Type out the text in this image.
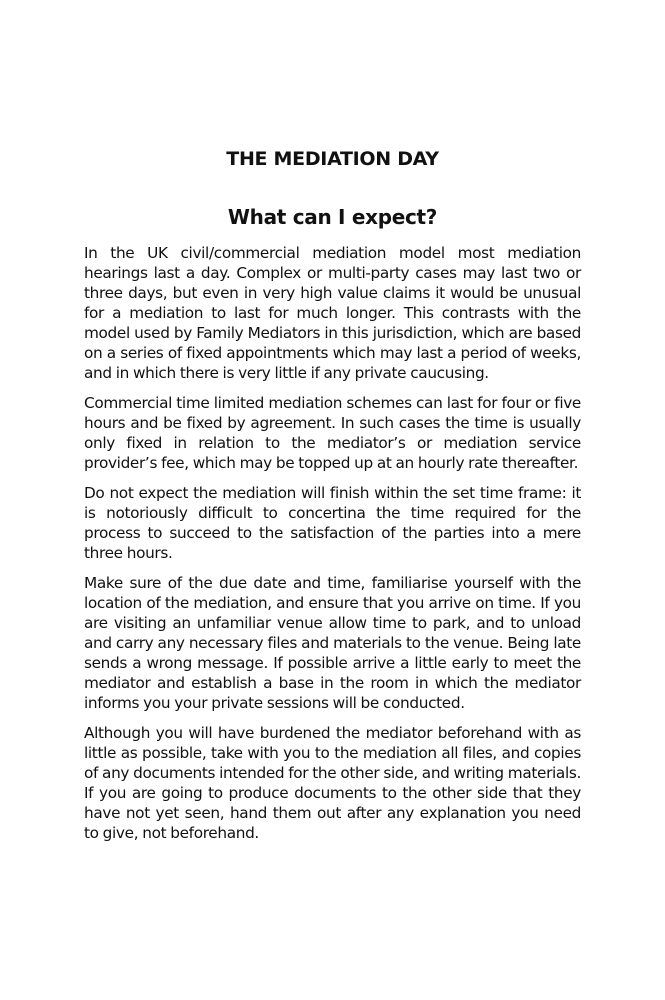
THE MEDIATION DAY
What can I expect?

In the UK civil/commercial mediation model most mediation hearings last a day. Complex or multi-party cases may last two or three days, but even in very high value claims it would be unusual for a mediation to last for much longer. This contrasts with the model used by Family Mediators in this jurisdiction, which are based on a series of fixed appointments which may last a period of weeks, and in which there is very little if any private caucusing.

Commercial time limited mediation schemes can last for four or five hours and be fixed by agreement. In such cases the time is usually only fixed in relation to the mediator’s or mediation service provider’s fee, which may be topped up at an hourly rate thereafter.

Do not expect the mediation will finish within the set time frame: it is notoriously difficult to concertina the time required for the process to succeed to the satisfaction of the parties into a mere three hours.

Make sure of the due date and time, familiarise yourself with the location of the mediation, and ensure that you arrive on time. If you are visiting an unfamiliar venue allow time to park, and to unload and carry any necessary files and materials to the venue. Being late sends a wrong message. If possible arrive a little early to meet the mediator and establish a base in the room in which the mediator informs you your private sessions will be conducted.

Although you will have burdened the mediator beforehand with as little as possible, take with you to the mediation all files, and copies of any documents intended for the other side, and writing materials. If you are going to produce documents to the other side that they have not yet seen, hand them out after any explanation you need to give, not beforehand.
